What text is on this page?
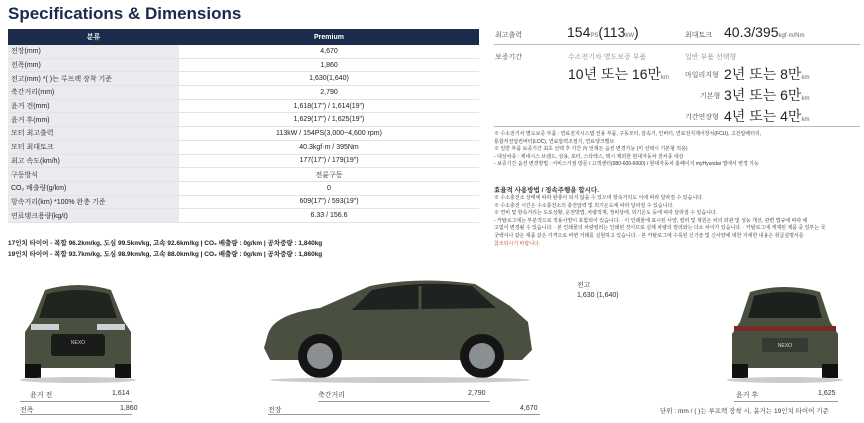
Specifications & Dimensions
분류	Premium
전장(mm)	4,670
전폭(mm)	1,860
전고(mm) *( )는 루프랙 장착 기준	1,630(1,640)
축간거리(mm)	2,790
윤거 전(mm)	1,618(17") / 1,614(19")
윤거 후(mm)	1,629(17") / 1,625(19")
모터 최고출력	113kW / 154PS(3,000~4,600 rpm)
모터 최대토크	40.3kgf·m / 395Nm
최고 속도(km/h)	177(17") / 179(19")
구동방식	전륜구동
CO₂ 배출량(g/km)	0
항속거리(km) *100% 완충 기준	609(17") / 593(19")
연료탱크용량(kg/ℓ)	6.33 / 156.6
17인치 타이어 - 복합 96.2km/kg, 도심 99.5km/kg, 고속 92.6km/kg | CO₂ 배출량 : 0g/km | 공차중량 : 1,840kg
19인치 타이어 - 복합 93.7km/kg, 도심 98.9km/kg, 고속 88.0km/kg | CO₂ 배출량 : 0g/km | 공차중량 : 1,860kg
최고출력	154PS(113kW)	최대토크 40.3/395kgf·m/Nm
보증기간	수소전기차 별도보증 부품
10년 또는 16만km
일반 부품 선택형
마일리지형 2년 또는 8만km
기본형 3년 또는 6만km
기간연장형 4년 또는 4만km
※ 수소전기차 별도보증 부품 : 연료전지시스템 전용 부품, 구동모터, 감속기, 인버터, 연료전지제어장치(FCU), 고전압배터리,
통합저전압컨버터(LDC), 연료압력조절기, 연료탱크밸브
※ 일반 부품 보증기간 최초 선택 후 기간 內 언제든 옵션 변경가능 (미 선택시 기본형 적용)
- 대상차종 : 제네시스 브랜드, 상용, 포터, 스타렉스, 택시 제외한 현대자동차 전차종 대상
- 보증기간 옵션 변경방법 : 서비스거점 방문 / 고객센터(080-600-6000) / 현대자동차 홈페이지 myHyundai 앱에서 변경 가능
효율적 사용방법 / 정속주행을 합시다.
※ 수소충전소 상태에 따라 완충이 되지 않을 수 있으며 항속거리도 이에 따라 달라질 수 있습니다.
※ 수소충전 시간은 수소충전소의 충전압력 및 외기온도에 따라 달라질 수 있습니다.
※ 연비 및 항속거리는 도로상황, 운전방법, 차량적재, 정비상태, 외기온도 등에 따라 달라질 수 있습니다.
- 카탈로그에는 부분적으로 적용사양이 포함되어 있습니다. · 이 인쇄물에 표시된 사양, 컬러 및 제원은 차의 외관 및 성능 개선, 관련 법규에 따라 예
고없이 변경될 수 있습니다. · 본 인쇄물의 차량컬러는 인쇄된 것이므로 실제 차량의 컬러와는 다소 차이가 있습니다. · 카탈로그에 게재된 제품 중 일부는 국
굿백서나 같은 제품 같은 가격으로 바뀐 거래를 실현하고 있습니다. · 본 카탈로그에 수록된 신기술 및 신사양에 대한 자세한 내용은 취급설명서를
참조하시기 바랍니다.
NEXO	NEXO
윤거 전	1,614
전폭	1,860
축간거리	2,790
전장	4,670
전고
1,630 (1,640)
윤거 후	1,625
단위 : mm / ( )는 루프랙 장착 시, 윤거는 19인치 타이어 기준
